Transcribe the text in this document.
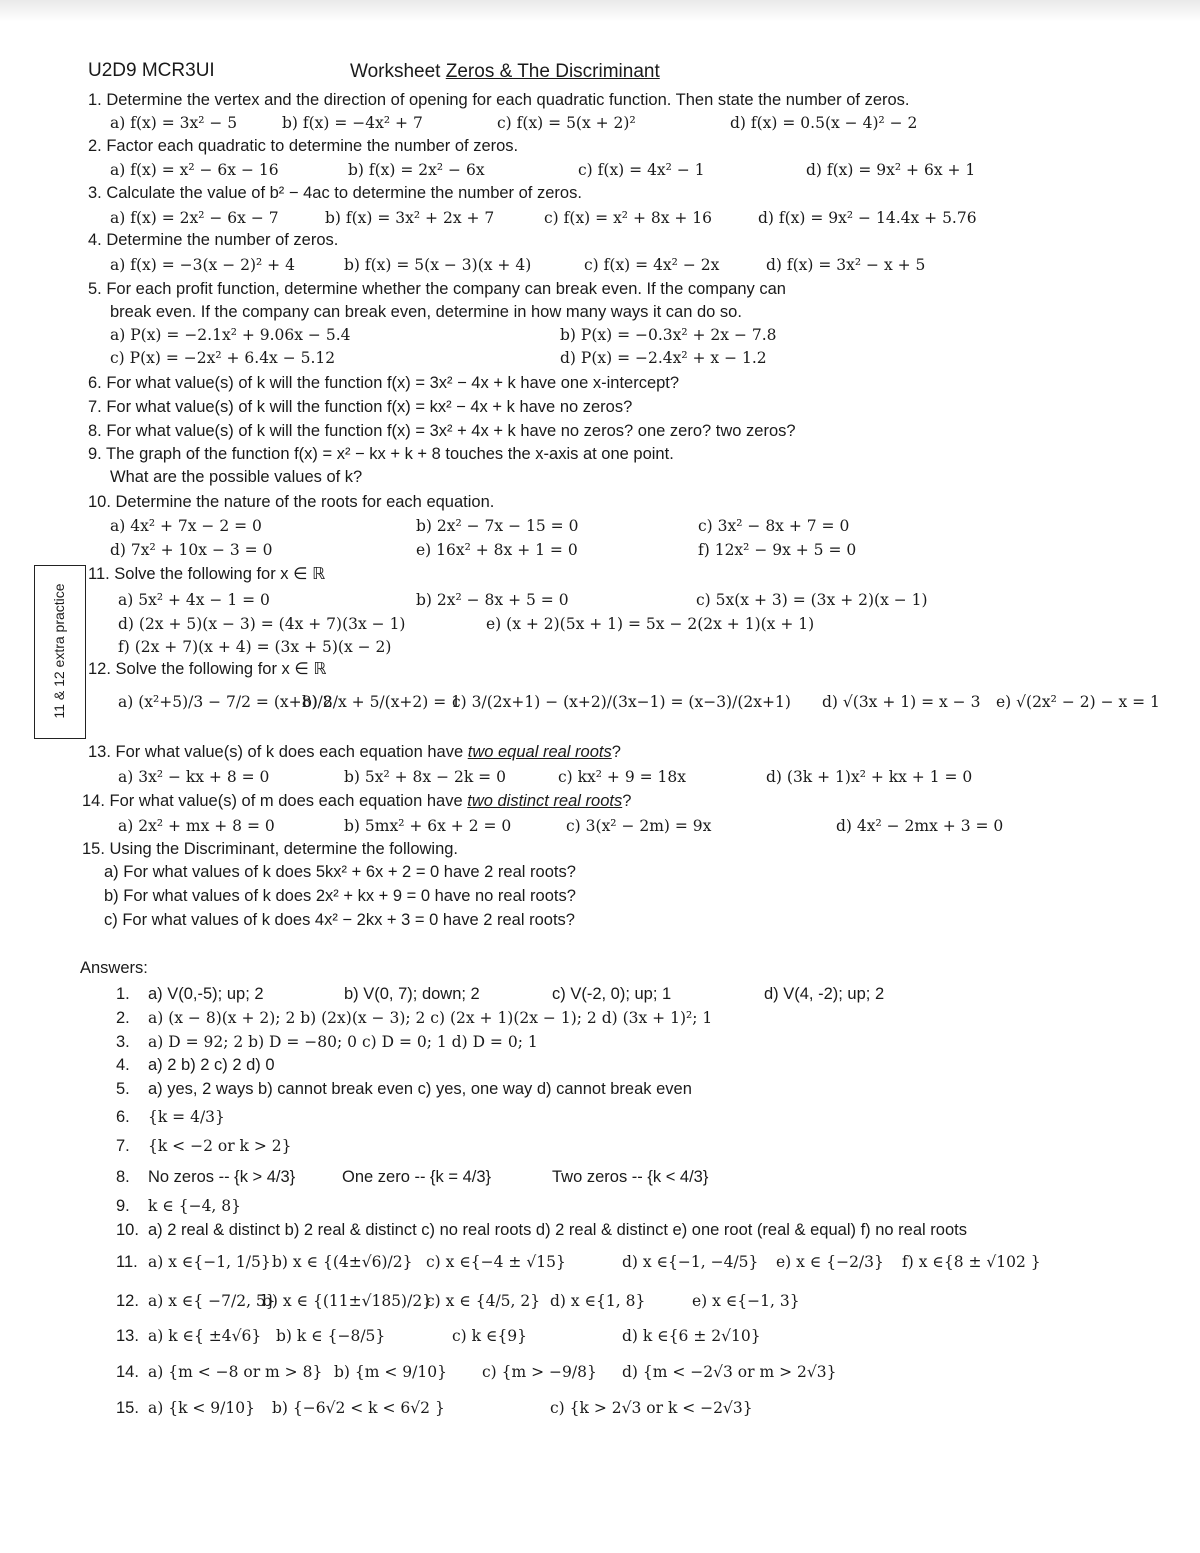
U2D9 MCR3UI	Worksheet Zeros & The Discriminant
1. Determine the vertex and the direction of opening for each quadratic function. Then state the number of zeros.
a) f(x) = 3x² − 5	b) f(x) = −4x² + 7	c) f(x) = 5(x + 2)²	d) f(x) = 0.5(x − 4)² − 2
2. Factor each quadratic to determine the number of zeros.
a) f(x) = x² − 6x − 16	b) f(x) = 2x² − 6x	c) f(x) = 4x² − 1	d) f(x) = 9x² + 6x + 1
3. Calculate the value of b² − 4ac to determine the number of zeros.
a) f(x) = 2x² − 6x − 7	b) f(x) = 3x² + 2x + 7	c) f(x) = x² + 8x + 16	d) f(x) = 9x² − 14.4x + 5.76
4. Determine the number of zeros.
a) f(x) = −3(x − 2)² + 4	b) f(x) = 5(x − 3)(x + 4)	c) f(x) = 4x² − 2x	d) f(x) = 3x² − x + 5
5. For each profit function, determine whether the company can break even. If the company can
break even. If the company can break even, determine in how many ways it can do so.
a) P(x) = −2.1x² + 9.06x − 5.4	b) P(x) = −0.3x² + 2x − 7.8
c) P(x) = −2x² + 6.4x − 5.12	d) P(x) = −2.4x² + x − 1.2
6. For what value(s) of k will the function f(x) = 3x² − 4x + k have one x-intercept?
7. For what value(s) of k will the function f(x) = kx² − 4x + k have no zeros?
8. For what value(s) of k will the function f(x) = 3x² + 4x + k have no zeros? one zero? two zeros?
9. The graph of the function f(x) = x² − kx + k + 8 touches the x-axis at one point.
What are the possible values of k?
10. Determine the nature of the roots for each equation.
a) 4x² + 7x − 2 = 0	b) 2x² − 7x − 15 = 0	c) 3x² − 8x + 7 = 0
d) 7x² + 10x − 3 = 0	e) 16x² + 8x + 1 = 0	f) 12x² − 9x + 5 = 0
11 & 12 extra practice
11. Solve the following for x ∈ ℝ
a) 5x² + 4x − 1 = 0	b) 2x² − 8x + 5 = 0	c) 5x(x + 3) = (3x + 2)(x − 1)
d) (2x + 5)(x − 3) = (4x + 7)(3x − 1)	e) (x + 2)(5x + 1) = 5x − 2(2x + 1)(x + 1)
f) (2x + 7)(x + 4) = (3x + 5)(x − 2)
12. Solve the following for x ∈ ℝ
a) (x²+5)/3 − 7/2 = (x+8)/2
b) 8/x + 5/(x+2) = 1
c) 3/(2x+1) − (x+2)/(3x−1) = (x−3)/(2x+1) d) √(3x + 1) = x − 3 e) √(2x² − 2) − x = 1
13. For what value(s) of k does each equation have two equal real roots?
a) 3x² − kx + 8 = 0	b) 5x² + 8x − 2k = 0	c) kx² + 9 = 18x	d) (3k + 1)x² + kx + 1 = 0
14. For what value(s) of m does each equation have two distinct real roots?
a) 2x² + mx + 8 = 0	b) 5mx² + 6x + 2 = 0	c) 3(x² − 2m) = 9x	d) 4x² − 2mx + 3 = 0
15. Using the Discriminant, determine the following.
a) For what values of k does 5kx² + 6x + 2 = 0 have 2 real roots?
b) For what values of k does 2x² + kx + 9 = 0 have no real roots?
c) For what values of k does 4x² − 2kx + 3 = 0 have 2 real roots?
Answers:
1. a) V(0,-5); up; 2	b) V(0, 7); down; 2	c) V(-2, 0); up; 1	d) V(4, -2); up; 2
2. a) (x − 8)(x + 2); 2 b) (2x)(x − 3); 2 c) (2x + 1)(2x − 1); 2 d) (3x + 1)²; 1
3. a) D = 92; 2 b) D = −80; 0 c) D = 0; 1 d) D = 0; 1
4. a) 2 b) 2 c) 2 d) 0
5. a) yes, 2 ways b) cannot break even c) yes, one way d) cannot break even
6. {k = 4/3}
7. {k < −2 or k > 2}
8. No zeros -- {k > 4/3}	One zero -- {k = 4/3}	Two zeros -- {k < 4/3}
9. k ∈ {−4, 8}
10. a) 2 real & distinct b) 2 real & distinct c) no real roots d) 2 real & distinct e) one root (real & equal) f) no real roots
11. a) x ∈{−1, 1/5} b) x ∈ {(4±√6)/2} c) x ∈{−4 ± √15}	d) x ∈{−1, −4/5} e) x ∈ {−2/3} f) x ∈{8 ± √102 }
12. a) x ∈{ −7/2, 5}
b) x ∈ {(11±√185)/2}
c) x ∈ {4/5, 2} d) x ∈{1, 8}	e) x ∈{−1, 3}
13. a) k ∈{ ±4√6} b) k ∈ {−8/5}	c) k ∈{9}	d) k ∈{6 ± 2√10}
14. a) {m < −8 or m > 8} b) {m < 9/10} c) {m > −9/8} d) {m < −2√3 or m > 2√3}
15. a) {k < 9/10} b) {−6√2 < k < 6√2 }	c) {k > 2√3 or k < −2√3}
